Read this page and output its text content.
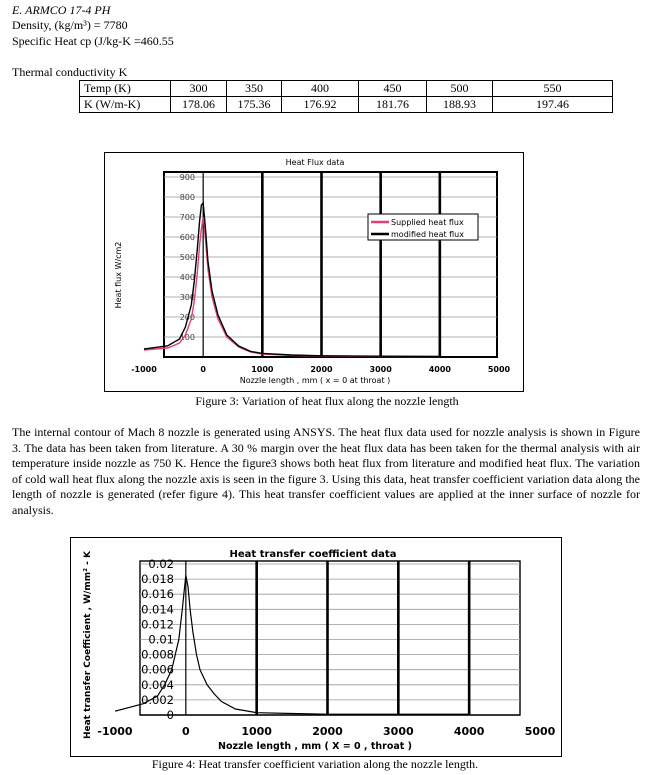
E. ARMCO 17-4 PH
Density, (kg/m³) = 7780
Specific Heat cp (J/kg-K =460.55
Thermal conductivity K
Temp (K)	300	350	400	450	500	550
K (W/m-K)	178.06	175.36	176.92	181.76	188.93	197.46
100
200
300
400
500
600
700
800
900
-1000	0	1000	2000	3000	4000	5000
Heat Flux data
Nozzle length , mm ( x = 0 at throat )
Heat flux W/cm2
Supplied heat flux
modified heat flux
Figure 3: Variation of heat flux along the nozzle length
The internal contour of Mach 8 nozzle is generated using ANSYS. The heat flux data used for nozzle analysis is shown in Figure 3. The data has been taken from literature. A 30 % margin over the heat flux data has been taken for the thermal analysis with air temperature inside nozzle as 750 K. Hence the figure3 shows both heat flux from literature and modified heat flux. The variation of cold wall heat flux along the nozzle axis is seen in the figure 3. Using this data, heat transfer coefficient variation data along the length of nozzle is generated (refer figure 4). This heat transfer coefficient values are applied at the inner surface of nozzle for analysis.
0
0.002
0.004
0.006
0.008
0.01
0.012
0.014
0.016
0.018
0.02
-1000	0	1000	2000	3000	4000	5000
Heat transfer coefficient data
Nozzle length , mm ( X = 0 , throat )
Heat transfer Coefficient , W/mm² - K
Figure 4: Heat transfer coefficient variation along the nozzle length.
